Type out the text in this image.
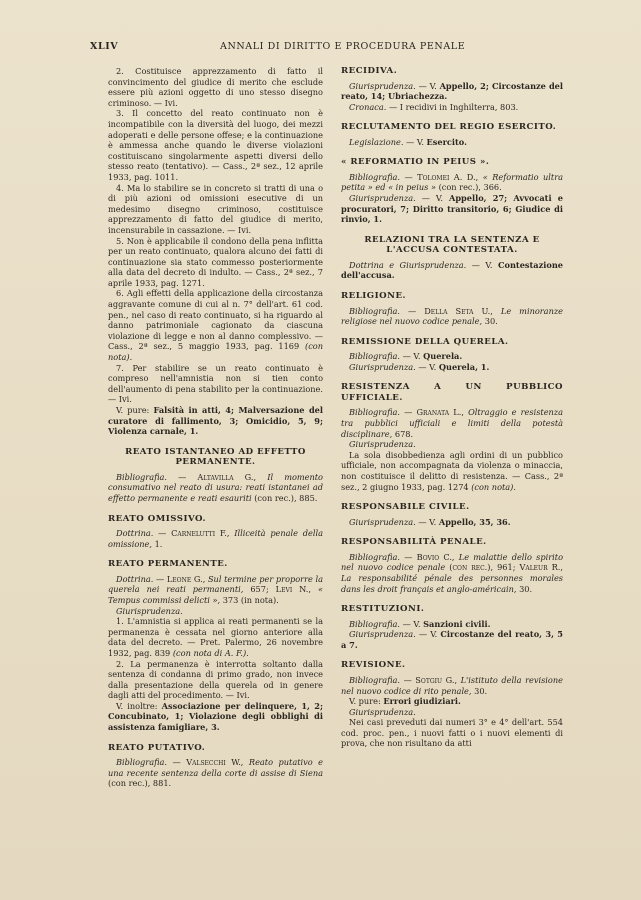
XLIV	ANNALI DI DIRITTO E PROCEDURA PENALE

2. Costituisce apprezzamento di fatto il convincimento del giudice di merito che esclude essere più azioni oggetto di uno stesso disegno criminoso. — Ivi.

3. Il concetto del reato continuato non è incompatibile con la diversità del luogo, dei mezzi adoperati e delle persone offese; e la continuazione è ammessa anche quando le diverse violazioni costituiscano singolarmente aspetti diversi dello stesso reato (tentativo). — Cass., 2ª sez., 12 aprile 1933, pag. 1011.

4. Ma lo stabilire se in concreto si tratti di una o di più azioni od omissioni esecutive di un medesimo disegno criminoso, costituisce apprezzamento di fatto del giudice di merito, incensurabile in cassazione. — Ivi.

5. Non è applicabile il condono della pena inflitta per un reato continuato, qualora alcuno dei fatti di continuazione sia stato commesso posteriormente alla data del decreto di indulto. — Cass., 2ª sez., 7 aprile 1933, pag. 1271.

6. Agli effetti della applicazione della circostanza aggravante comune di cui al n. 7° dell'art. 61 cod. pen., nel caso di reato continuato, si ha riguardo al danno patrimoniale cagionato da ciascuna violazione di legge e non al danno complessivo. — Cass., 2ª sez., 5 maggio 1933, pag. 1169 (con nota).

7. Per stabilire se un reato continuato è compreso nell'amnistia non si tien conto dell'aumento di pena stabilito per la continuazione. — Ivi.

V. pure: Falsità in atti, 4; Malversazione del curatore di fallimento, 3; Omicidio, 5, 9; Violenza carnale, 1.

REATO ISTANTANEO AD EFFETTO PERMANENTE.

Bibliografia. — Altavilla G., Il momento consumativo nel reato di usura: reati istantanei ad effetto permanente e reati esauriti (con rec.), 885.

REATO OMISSIVO.

Dottrina. — Carnelutti F., Illiceità penale della omissione, 1.

REATO PERMANENTE.

Dottrina. — Leone G., Sul termine per proporre la querela nei reati permanenti, 657; Levi N., « Tempus commissi delicti », 373 (in nota).

Giurisprudenza.

1. L'amnistia si applica ai reati permanenti se la permanenza è cessata nel giorno anteriore alla data del decreto. — Pret. Palermo, 26 novembre 1932, pag. 839 (con nota di A. F.).

2. La permanenza è interrotta soltanto dalla sentenza di condanna di primo grado, non invece dalla presentazione della querela od in genere dagli atti del procedimento. — Ivi.

V. inoltre: Associazione per delinquere, 1, 2; Concubinato, 1; Violazione degli obblighi di assistenza famigliare, 3.

REATO PUTATIVO.

Bibliografia. — Valsecchi W., Reato putativo e una recente sentenza della corte di assise di Siena (con rec.), 881.

RECIDIVA.

Giurisprudenza. — V. Appello, 2; Circostanze del reato, 14; Ubriachezza.

Cronaca. — I recidivi in Inghilterra, 803.

RECLUTAMENTO DEL REGIO ESERCITO.

Legislazione. — V. Esercito.

« REFORMATIO IN PEIUS ».

Bibliografia. — Tolomei A. D., « Reformatio ultra petita » ed « in peius » (con rec.), 366.

Giurisprudenza. — V. Appello, 27; Avvocati e procuratori, 7; Diritto transitorio, 6; Giudice di rinvio, 1.

RELAZIONI TRA LA SENTENZA E L'ACCUSA CONTESTATA.

Dottrina e Giurisprudenza. — V. Contestazione dell'accusa.

RELIGIONE.

Bibliografia. — Della Seta U., Le minoranze religiose nel nuovo codice penale, 30.

REMISSIONE DELLA QUERELA.

Bibliografia. — V. Querela.

Giurisprudenza. — V. Querela, 1.

RESISTENZA A UN PUBBLICO UFFICIALE.

Bibliografia. — Granata L., Oltraggio e resistenza tra pubblici ufficiali e limiti della potestà disciplinare, 678.

Giurisprudenza.

La sola disobbedienza agli ordini di un pubblico ufficiale, non accompagnata da violenza o minaccia, non costituisce il delitto di resistenza. — Cass., 2ª sez., 2 giugno 1933, pag. 1274 (con nota).

RESPONSABILE CIVILE.

Giurisprudenza. — V. Appello, 35, 36.

RESPONSABILITÀ PENALE.

Bibliografia. — Bovio C., Le malattie dello spirito nel nuovo codice penale (con rec.), 961; Valeur R., La responsabilité pénale des personnes morales dans les droit français et anglo-américain, 30.

RESTITUZIONI.

Bibliografia. — V. Sanzioni civili.

Giurisprudenza. — V. Circostanze del reato, 3, 5 a 7.

REVISIONE.

Bibliografia. — Sotgiu G., L'istituto della revisione nel nuovo codice di rito penale, 30.

V. pure: Errori giudiziari.

Giurisprudenza.

Nei casi preveduti dai numeri 3° e 4° dell'art. 554 cod. proc. pen., i nuovi fatti o i nuovi elementi di prova, che non risultano da atti
